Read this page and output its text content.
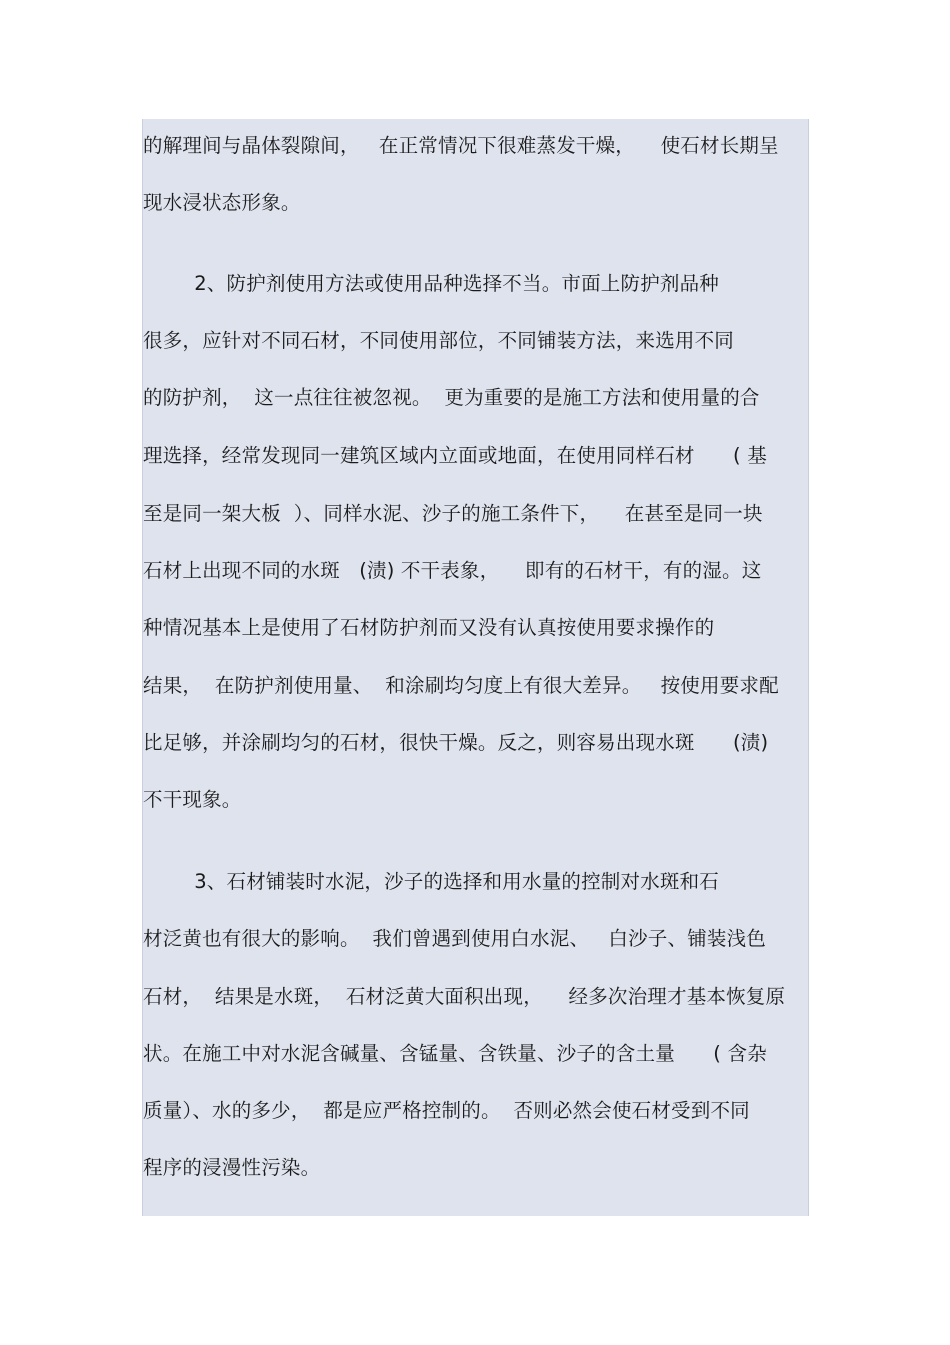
的解理间与晶体裂隙间，   在正常情况下很难蒸发干燥，    使石材长期呈
现水浸状态形象。
2、防护剂使用方法或使用品种选择不当。市面上防护剂品种
很多，应针对不同石材，不同使用部位，不同铺装方法，来选用不同
的防护剂，  这一点往往被忽视。  更为重要的是施工方法和使用量的合
理选择，经常发现同一建筑区域内立面或地面，在使用同样石材      ( 基
至是同一架大板  ）、同样水泥、沙子的施工条件下，    在甚至是同一块
石材上出现不同的水斑   (渍) 不干表象，    即有的石材干，有的湿。这
种情况基本上是使用了石材防护剂而又没有认真按使用要求操作的
结果，  在防护剂使用量、  和涂刷均匀度上有很大差异。   按使用要求配
比足够，并涂刷均匀的石材，很快干燥。反之，则容易出现水斑      (渍)
不干现象。
3、石材铺装时水泥，沙子的选择和用水量的控制对水斑和石
材泛黄也有很大的影响。  我们曾遇到使用白水泥、   白沙子、铺装浅色
石材，  结果是水斑，  石材泛黄大面积出现，    经多次治理才基本恢复原
状。在施工中对水泥含碱量、含锰量、含铁量、沙子的含土量      ( 含杂
质量）、水的多少，  都是应严格控制的。  否则必然会使石材受到不同
程序的浸漫性污染。
